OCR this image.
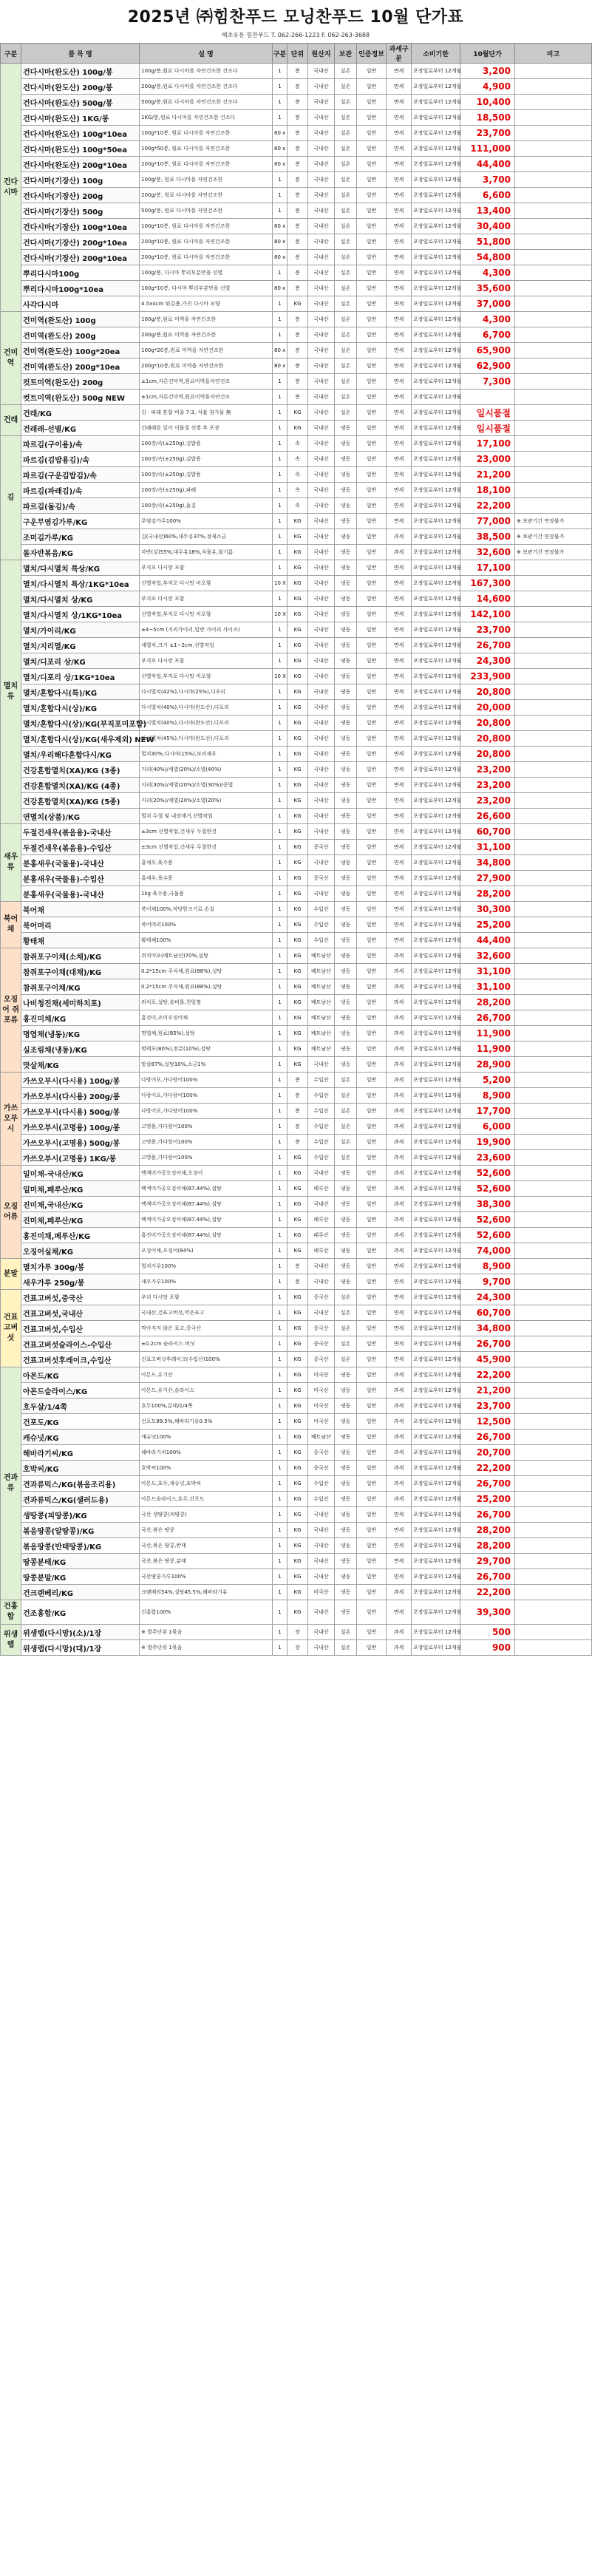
2025년 ㈜힘찬푸드 모닝찬푸드 10월 단가표
해초유통 힘찬푸드 T. 062-266-1223 F. 062-263-3688
구분	품 목 명	설 명	구분	단위	원산지	보관	인증정보	과세구분	소비기한	10월단가	비고
건다시마	건다시마(완도산) 100g/봉	100g/봉,원료 다시마를 자연건조한 건조다	1	봉	국내산	실온	일반	면세	포장일로부터 12개월	3,200	
	건다시마(완도산) 200g/봉	200g/봉,원료 다시마를 자연건조한 건조다	1	봉	국내산	실온	일반	면세	포장일로부터 12개월	4,900	
	건다시마(완도산) 500g/봉	500g/봉,원료 다시마를 자연건조한 건조다	1	봉	국내산	실온	일반	면세	포장일로부터 12개월	10,400	
	건다시마(완도산) 1KG/봉	1KG/봉,원료 다시마를 자연건조한 건조다	1	봉	국내산	실온	일반	면세	포장일로부터 12개월	18,500	
	건다시마(완도산) 100g*10ea	100g*10봉, 원료 다시마를 자연건조한	80 x	봉	국내산	실온	일반	면세	포장일로부터 12개월	23,700	
	건다시마(완도산) 100g*50ea	100g*50봉, 원료 다시마를 자연건조한	80 x	봉	국내산	실온	일반	면세	포장일로부터 12개월	111,000	
	건다시마(완도산) 200g*10ea	200g*10봉, 원료 다시마를 자연건조한	80 x	봉	국내산	실온	일반	면세	포장일로부터 12개월	44,400	
	건다시마(기장산) 100g	100g/봉, 원료 다시마를 자연건조한	1	봉	국내산	실온	일반	면세	포장일로부터 12개월	3,700	
	건다시마(기장산) 200g	200g/봉, 원료 다시마를 자연건조한	1	봉	국내산	실온	일반	면세	포장일로부터 12개월	6,600	
	건다시마(기장산) 500g	500g/봉, 원료 다시마를 자연건조한	1	봉	국내산	실온	일반	면세	포장일로부터 12개월	13,400	
	건다시마(기장산) 100g*10ea	100g*10봉, 원료 다시마를 자연건조한	80 x	봉	국내산	실온	일반	면세	포장일로부터 12개월	30,400	
	건다시마(기장산) 200g*10ea	200g*10봉, 원료 다시마를 자연건조한	80 x	봉	국내산	실온	일반	면세	포장일로부터 12개월	51,800	
	건다시마(기장산) 200g*10ea	200g*10봉, 원료 다시마를 자연건조한	80 x	봉	국내산	실온	일반	면세	포장일로부터 12개월	54,800	
	뿌리다시마100g	100g/봉, 다시마 뿌리부분만을 선별	1	봉	국내산	실온	일반	면세	포장일로부터 12개월	4,300	
	뿌리다시마100g*10ea	100g*10봉, 다시마 뿌리부분만을 선별	80 x	봉	국내산	실온	일반	면세	포장일로부터 12개월	35,600	
	사각다시마	4.5x4cm 튀김용,가진 다시마 모양	1	KG	국내산	실온	일반	면세	포장일로부터 12개월	37,000	
건미역	건미역(완도산) 100g	100g/봉,원료 미역을 자연건조한	1	봉	국내산	실온	일반	면세	포장일로부터 12개월	4,300	
	건미역(완도산) 200g	200g/봉,원료 미역을 자연건조한	1	봉	국내산	실온	일반	면세	포장일로부터 12개월	6,700	
	건미역(완도산) 100g*20ea	100g*20봉,원료 미역을 자연건조한	80 x	봉	국내산	실온	일반	면세	포장일로부터 12개월	65,900	
	건미역(완도산) 200g*10ea	200g*10봉,원료 미역을 자연건조한	80 x	봉	국내산	실온	일반	면세	포장일로부터 12개월	62,900	
	컷트미역(완도산) 200g	±1cm,자른건미역,원료미역을자연건조	1	봉	국내산	실온	일반	면세	포장일로부터 12개월	7,300	
	컷트미역(완도산) 500g NEW	±1cm,자른건미역,원료미역을자연건조	1	봉	국내산	실온	일반	면세	포장일로부터 12개월		
건래	건래/KG	김 · 파래 혼합 비율 7:3, 식품 첨가물 無	1	KG	국내산	실온	일반	면세	포장일로부터 12개월	일시품절	
	건래래-선별/KG	건래래를 잎이 이물질 선별 후 포장	1	KG	국내산	냉동	일반	면세	포장일로부터 12개월	일시품절	
김	파르김(구이용)/속	100장/속(±250g),김밥용	1	속	국내산	냉동	일반	면세	포장일로부터 12개월	17,100	
	파르김(김밥용김)/속	100장/속(±250g),김밥용	1	속	국내산	냉동	일반	면세	포장일로부터 12개월	23,000	
	파르김(구운김밥김)/속	100장/속(±250g),김밥용	1	속	국내산	냉동	일반	면세	포장일로부터 12개월	21,200	
	파르김(파래김)/속	100장/속(±250g),파래	1	속	국내산	냉동	일반	면세	포장일로부터 12개월	18,100	
	파르김(돌김)/속	100장/속(±250g),돌김	1	속	국내산	냉동	일반	면세	포장일로부터 12개월	22,200	
	구운무염김가루/KG	무염김가루100%	1	KG	국내산	냉동	일반	면세	포장일로부터 12개월	77,000	※ 보관기간 연장불가
	조미김가루/KG	김(국내산)60%,대두유37%,정제소금	1	KG	국내산	냉동	일반	과세	포장일로부터 12개월	38,500	※ 보관기간 연장불가
	돌자반볶음/KG	자반(김)55%,대두유18%,식물유,참기름	1	KG	국내산	냉동	일반	과세	포장일로부터 12개월	32,600	※ 보관기간 연장불가
멸치류	멸치/다시멸치 특상/KG	부직포 다시망 포함	1	KG	국내산	냉동	일반	면세	포장일로부터 12개월	17,100	
	멸치/다시멸치 특상/1KG*10ea	선별작업,부직포 다시망 미포함	10 X	KG	국내산	냉동	일반	면세	포장일로부터 12개월	167,300	
	멸치/다시멸치 상/KG	부직포 다시망 포함	1	KG	국내산	냉동	일반	면세	포장일로부터 12개월	14,600	
	멸치/다시멸치 상/1KG*10ea	선별작업,부직포 다시망 미포함	10 X	KG	국내산	냉동	일반	면세	포장일로부터 12개월	142,100	
	멸치/가이리/KG	±4~5cm (지리가이리,일반 가이리 사이즈)	1	KG	국내산	냉동	일반	면세	포장일로부터 12개월	23,700	
	멸치/지리멸/KG	세멸치,크기 ±1~2cm,선별작업	1	KG	국내산	냉동	일반	면세	포장일로부터 12개월	26,700	
	멸치/디포리 상/KG	부직포 다시망 포함	1	KG	국내산	냉동	일반	면세	포장일로부터 12개월	24,300	
	멸치/디포리 상/1KG*10ea	선별작업,부직포 다시망 미포함	10 X	KG	국내산	냉동	일반	면세	포장일로부터 12개월	233,900	
	멸치/혼합다시(특)/KG	다시멸치(42%),다시마(25%),디포리	1	KG	국내산	냉동	일반	면세	포장일로부터 12개월	20,800	
	멸치/혼합다시(상)/KG	다시멸치(40%),다시마(완도산),디포리	1	KG	국내산	냉동	일반	면세	포장일로부터 12개월	20,000	
	멸치/혼합다시(상)/KG(부직포미포함)	다시멸치(40%),다시마(완도산),디포리	1	KG	국내산	냉동	일반	면세	포장일로부터 12개월	20,800	
	멸치/혼합다시(상)/KG(새우제외) NEW	다시멸치(45%),다시마(완도산),디포리	1	KG	국내산	냉동	일반	면세	포장일로부터 12개월	20,800	
	멸치/우리해다혼합다시/KG	멸치30%,다시마(15%),보리새우	1	KG	국내산	냉동	일반	면세	포장일로부터 12개월	20,800	
	건강혼합멸치(XA)/KG (3종)	지리(40%)/세멸(20%)/소멸(40%)	1	KG	국내산	냉동	일반	면세	포장일로부터 12개월	23,200	
	건강혼합멸치(XA)/KG (4종)	지리(30%)/세멸(20%)/소멸(30%)/중멸	1	KG	국내산	냉동	일반	면세	포장일로부터 12개월	23,200	
	건강혼합멸치(XA)/KG (5종)	지리(20%)/세멸(20%)/소멸(20%)	1	KG	국내산	냉동	일반	면세	포장일로부터 12개월	23,200	
	연멸치(상품)/KG	멸치 두절 및 내장제거,선별작업	1	KG	국내산	냉동	일반	면세	포장일로부터 12개월	26,600	
새우류	두절건새우(볶음용)-국내산	±3cm 선별작업,건새우 두절한것	1	KG	국내산	냉동	일반	면세	포장일로부터 12개월	60,700	
	두절건새우(볶음용)-수입산	±3cm 선별작업,건새우 두절한것	1	KG	중국산	냉동	일반	면세	포장일로부터 12개월	31,100	
	분홍새우(국물용)-국내산	홍새우,육수용	1	KG	국내산	냉동	일반	면세	포장일로부터 12개월	34,800	
	분홍새우(국물용)-수입산	홍새우,육수용	1	KG	중국산	냉동	일반	면세	포장일로부터 12개월	27,900	
	분홍새우(국물용)-국내산	1kg 육수용,국물용	1	KG	국내산	냉동	일반	면세	포장일로부터 12개월	28,200	
북어채	북어채	북어채100%,적당한크기로 손질	1	KG	수입산	냉동	일반	면세	포장일로부터 12개월	30,300	
	북어머리	북어머리100%	1	KG	수입산	냉동	일반	면세	포장일로부터 12개월	25,200	
	황태채	황태채100%	1	KG	수입산	냉동	일반	면세	포장일로부터 12개월	44,400	
오징어 쥐포류	참쥐포구이채(소채)/KG	쥐치어포(베트남산)70%,설탕	1	KG	베트남산	냉동	일반	과세	포장일로부터 12개월	32,600	
	참쥐포구이채(대채)/KG	0.2*15cm 주식채,원료(88%),설탕	1	KG	베트남산	냉동	일반	과세	포장일로부터 12개월	31,100	
	참쥐포구이채/KG	0.2*15cm 주식채,원료(88%),설탕	1	KG	베트남산	냉동	일반	과세	포장일로부터 12개월	31,100	
	나비청진채(세미하치포)	쥐치포,설탕,솔비톨,천일염	1	KG	베트남산	냉동	일반	과세	포장일로부터 12개월	28,200	
	홍진미채/KG	홍진미,조미오징어채	1	KG	베트남산	냉동	일반	과세	포장일로부터 12개월	26,700	
	명엽채(냉동)/KG	명엽채,원료(85%),설탕	1	KG	베트남산	냉동	일반	과세	포장일로부터 12개월	11,900	
	실조림채(냉동)/KG	명태포(80%),전분(10%),설탕	1	KG	베트남산	냉동	일반	과세	포장일로부터 12개월	11,900	
	맛살채/KG	맛살87%,설탕10%,소금1%	1	KG	국내산	냉동	일반	과세	포장일로부터 12개월	28,900	
가쓰오부시	가쓰오부시(다시용) 100g/봉	다랑어포,가다랑어100%	1	봉	수입산	실온	일반	과세	포장일로부터 12개월	5,200	
	가쓰오부시(다시용) 200g/봉	다랑어포,가다랑어100%	1	봉	수입산	실온	일반	과세	포장일로부터 12개월	8,900	
	가쓰오부시(다시용) 500g/봉	다랑어포,가다랑어100%	1	봉	수입산	실온	일반	과세	포장일로부터 12개월	17,700	
	가쓰오부시(고명용) 100g/봉	고명용,가다랑어100%	1	봉	수입산	실온	일반	과세	포장일로부터 12개월	6,000	
	가쓰오부시(고명용) 500g/봉	고명용,가다랑어100%	1	봉	수입산	실온	일반	과세	포장일로부터 12개월	19,900	
	가쓰오부시(고명용) 1KG/봉	고명용,가다랑어100%	1	KG	수입산	실온	일반	과세	포장일로부터 12개월	23,600	
오징어류	일미채-국내산/KG	백색미가공오징어채,오징어	1	KG	국내산	냉동	일반	과세	포장일로부터 12개월	52,600	
	일미채,페루산/KG	백색미가공오징어채(87.44%),설탕	1	KG	페루산	냉동	일반	과세	포장일로부터 12개월	52,600	
	진미채,국내산/KG	백색미가공오징어채(87.44%),설탕	1	KG	국내산	냉동	일반	과세	포장일로부터 12개월	38,300	
	진미채,페루산/KG	백색미가공오징어채(87.44%),설탕	1	KG	페루산	냉동	일반	과세	포장일로부터 12개월	52,600	
	홍진미채,페루산/KG	홍진미가공오징어채(87.44%),설탕	1	KG	페루산	냉동	일반	과세	포장일로부터 12개월	52,600	
	오징어실채/KG	오징어채,오징어(84%)	1	KG	페루산	냉동	일반	과세	포장일로부터 12개월	74,000	
분말	멸치가루 300g/봉	멸치가루100%	1	봉	국내산	냉동	일반	면세	포장일로부터 12개월	8,900	
	새우가루 250g/봉	새우가루100%	1	봉	국내산	냉동	일반	면세	포장일로부터 12개월	9,700	
건표고버섯	건표고버섯,중국산	우리 다시망 포함	1	KG	중국산	실온	일반	면세	포장일로부터 12개월	24,300	
	건표고버섯,국내산	국내산,건표고버섯,깍은표고	1	KG	국내산	실온	일반	면세	포장일로부터 12개월	60,700	
	건표고버섯,수입산	깍아지지 않은 표고,중국산	1	KG	중국산	실온	일반	면세	포장일로부터 12개월	34,800	
	건표고버섯슬라이스-수입산	±0.2cm 슬라이스 버섯	1	KG	중국산	실온	일반	면세	포장일로부터 12개월	26,700	
	건표고버섯후레이크,수입산	건표고버섯후레이크(수입산)100%	1	KG	중국산	실온	일반	면세	포장일로부터 12개월	45,900	
견과류	아몬드/KG	아몬드,유기산	1	KG	미국산	냉동	일반	과세	포장일로부터 12개월	22,200	
	아몬드슬라이스/KG	아몬드,유기산,슬라이스	1	KG	미국산	냉동	일반	과세	포장일로부터 12개월	21,200	
	호두살/1/4쪽	호두100%,분태/1/4쪽	1	KG	미국산	냉동	일반	과세	포장일로부터 12개월	23,700	
	건포도/KG	건포도99.5%,해바라기유0.5%	1	KG	미국산	냉동	일반	과세	포장일로부터 12개월	12,500	
	캐슈넛/KG	캐슈넛100%	1	KG	베트남산	냉동	일반	과세	포장일로부터 12개월	26,700	
	해바라기씨/KG	해바라기씨100%	1	KG	중국산	냉동	일반	과세	포장일로부터 12개월	20,700	
	호박씨/KG	호박씨100%	1	KG	중국산	냉동	일반	과세	포장일로부터 12개월	22,200	
	견과류믹스/KG(볶음조리용)	아몬드,호두,캐슈넛,호박씨	1	KG	수입산	냉동	일반	과세	포장일로부터 12개월	26,700	
	견과류믹스/KG(샐러드용)	아몬드슬라이스,호두,건포도	1	KG	수입산	냉동	일반	과세	포장일로부터 12개월	25,200	
	생땅콩(피땅콩)/KG	국산 생땅콩(피땅콩)	1	KG	국내산	냉동	일반	면세	포장일로부터 12개월	26,700	
	볶음땅콩(알땅콩)/KG	국산,볶은 땅콩	1	KG	국내산	냉동	일반	면세	포장일로부터 12개월	28,200	
	볶음땅콩(반태땅콩)/KG	국산,볶은 땅콩,반태	1	KG	국내산	냉동	일반	면세	포장일로부터 12개월	28,200	
	땅콩분태/KG	국산,볶은 땅콩,분태	1	KG	국내산	냉동	일반	면세	포장일로부터 12개월	29,700	
	땅콩분말/KG	국산땅콩가루100%	1	KG	국내산	냉동	일반	면세	포장일로부터 12개월	26,700	
	건크랜베리/KG	크랜베리54%,설탕45.5%,해바라기유	1	KG	미국산	냉동	일반	과세	포장일로부터 12개월	22,200	
건홍합	건조홍합/KG	건홍합100%	1	KG	국내산	냉동	일반	면세	포장일로부터 12개월	39,300	
위생랩	위생랩(다시망)(소)/1장	※ 발주단위 1묶음	1	장	국내산	실온	일반	과세	포장일로부터 12개월	500	
	위생랩(다시망)(대)/1장	※ 발주단위 1묶음	1	장	국내산	실온	일반	과세	포장일로부터 12개월	900	
